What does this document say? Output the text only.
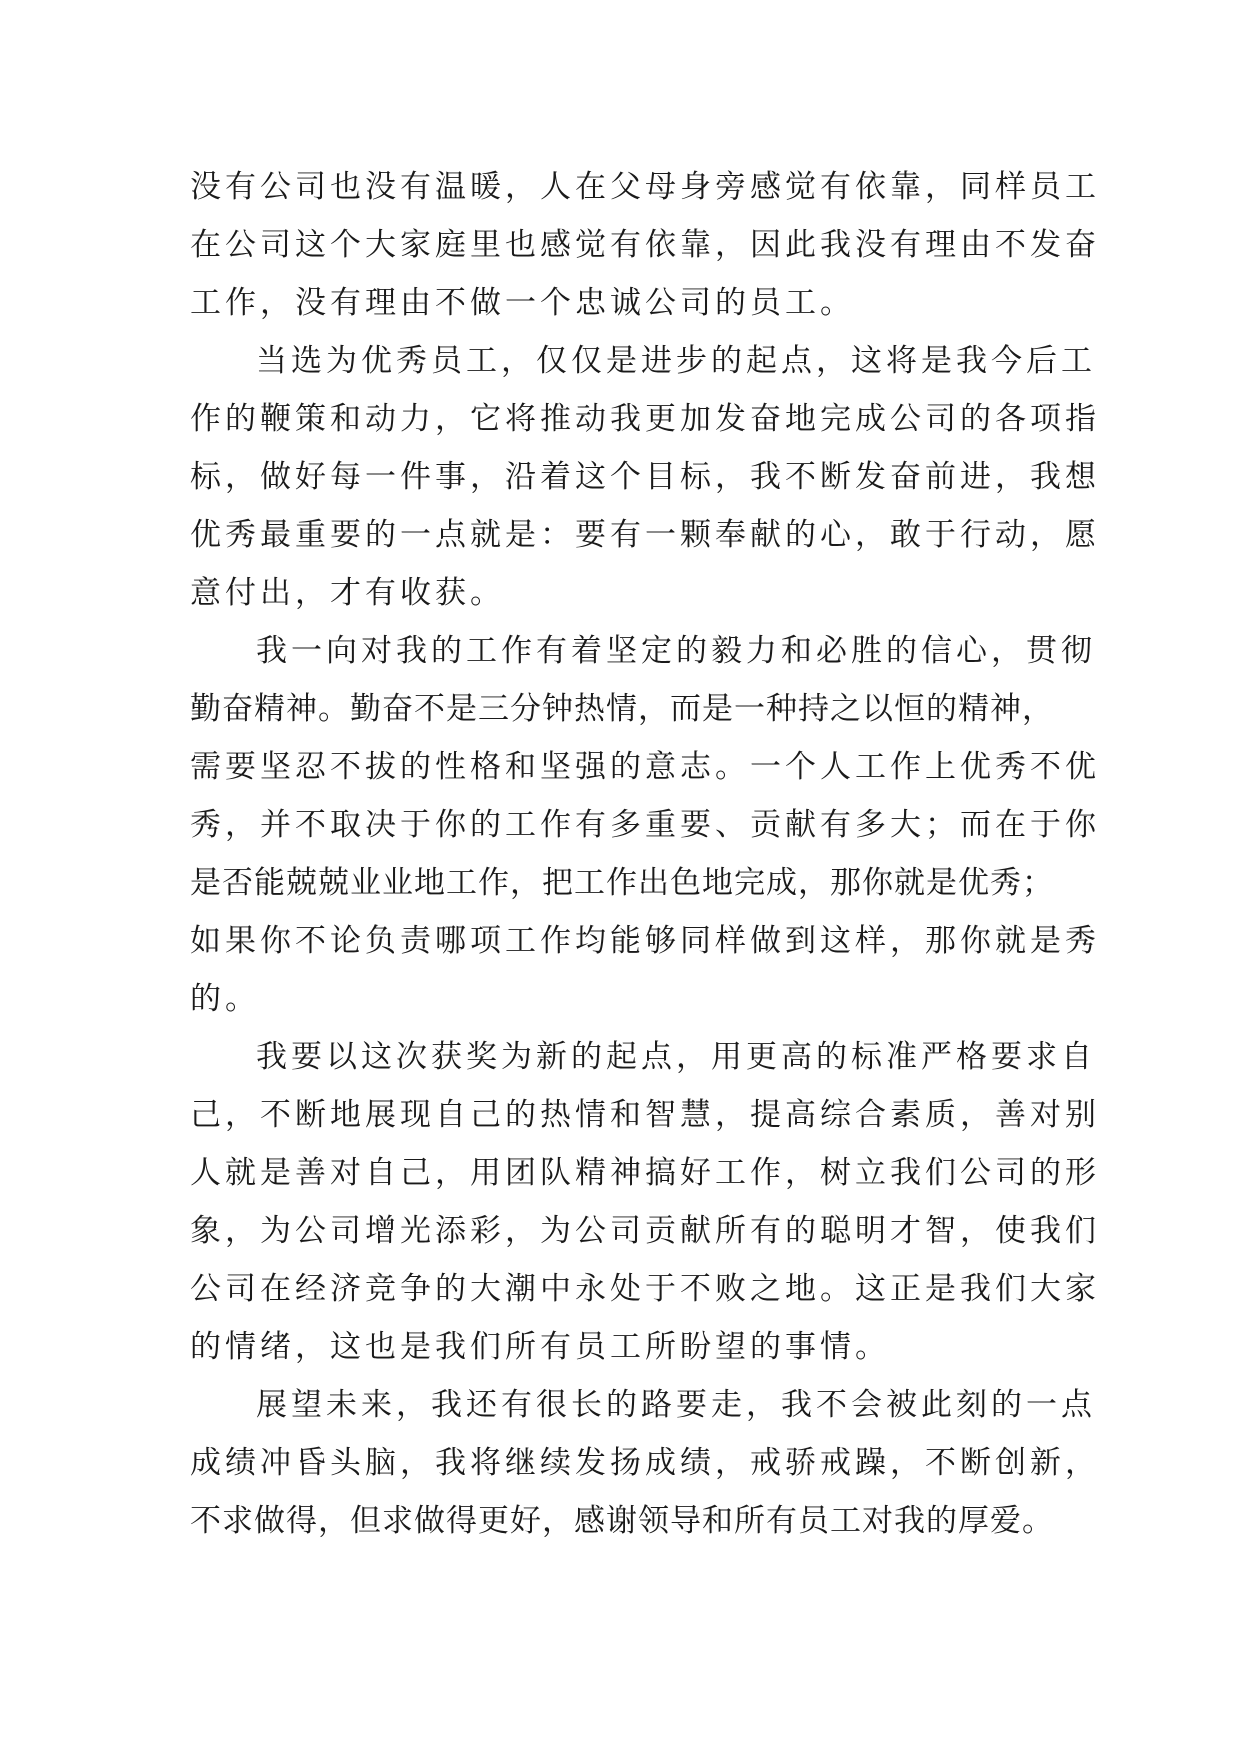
没有公司也没有温暖，人在父母身旁感觉有依靠，同样员工
在公司这个大家庭里也感觉有依靠，因此我没有理由不发奋
工作，没有理由不做一个忠诚公司的员工。
当选为优秀员工，仅仅是进步的起点，这将是我今后工
作的鞭策和动力，它将推动我更加发奋地完成公司的各项指
标，做好每一件事，沿着这个目标，我不断发奋前进，我想
优秀最重要的一点就是：要有一颗奉献的心，敢于行动，愿
意付出，才有收获。
我一向对我的工作有着坚定的毅力和必胜的信心，贯彻
勤奋精神。勤奋不是三分钟热情，而是一种持之以恒的精神，
需要坚忍不拔的性格和坚强的意志。一个人工作上优秀不优
秀，并不取决于你的工作有多重要、贡献有多大；而在于你
是否能兢兢业业地工作，把工作出色地完成，那你就是优秀；
如果你不论负责哪项工作均能够同样做到这样，那你就是秀
的。
我要以这次获奖为新的起点，用更高的标准严格要求自
己，不断地展现自己的热情和智慧，提高综合素质，善对别
人就是善对自己，用团队精神搞好工作，树立我们公司的形
象，为公司增光添彩，为公司贡献所有的聪明才智，使我们
公司在经济竞争的大潮中永处于不败之地。这正是我们大家
的情绪，这也是我们所有员工所盼望的事情。
展望未来，我还有很长的路要走，我不会被此刻的一点
成绩冲昏头脑，我将继续发扬成绩，戒骄戒躁，不断创新，
不求做得，但求做得更好，感谢领导和所有员工对我的厚爱。
